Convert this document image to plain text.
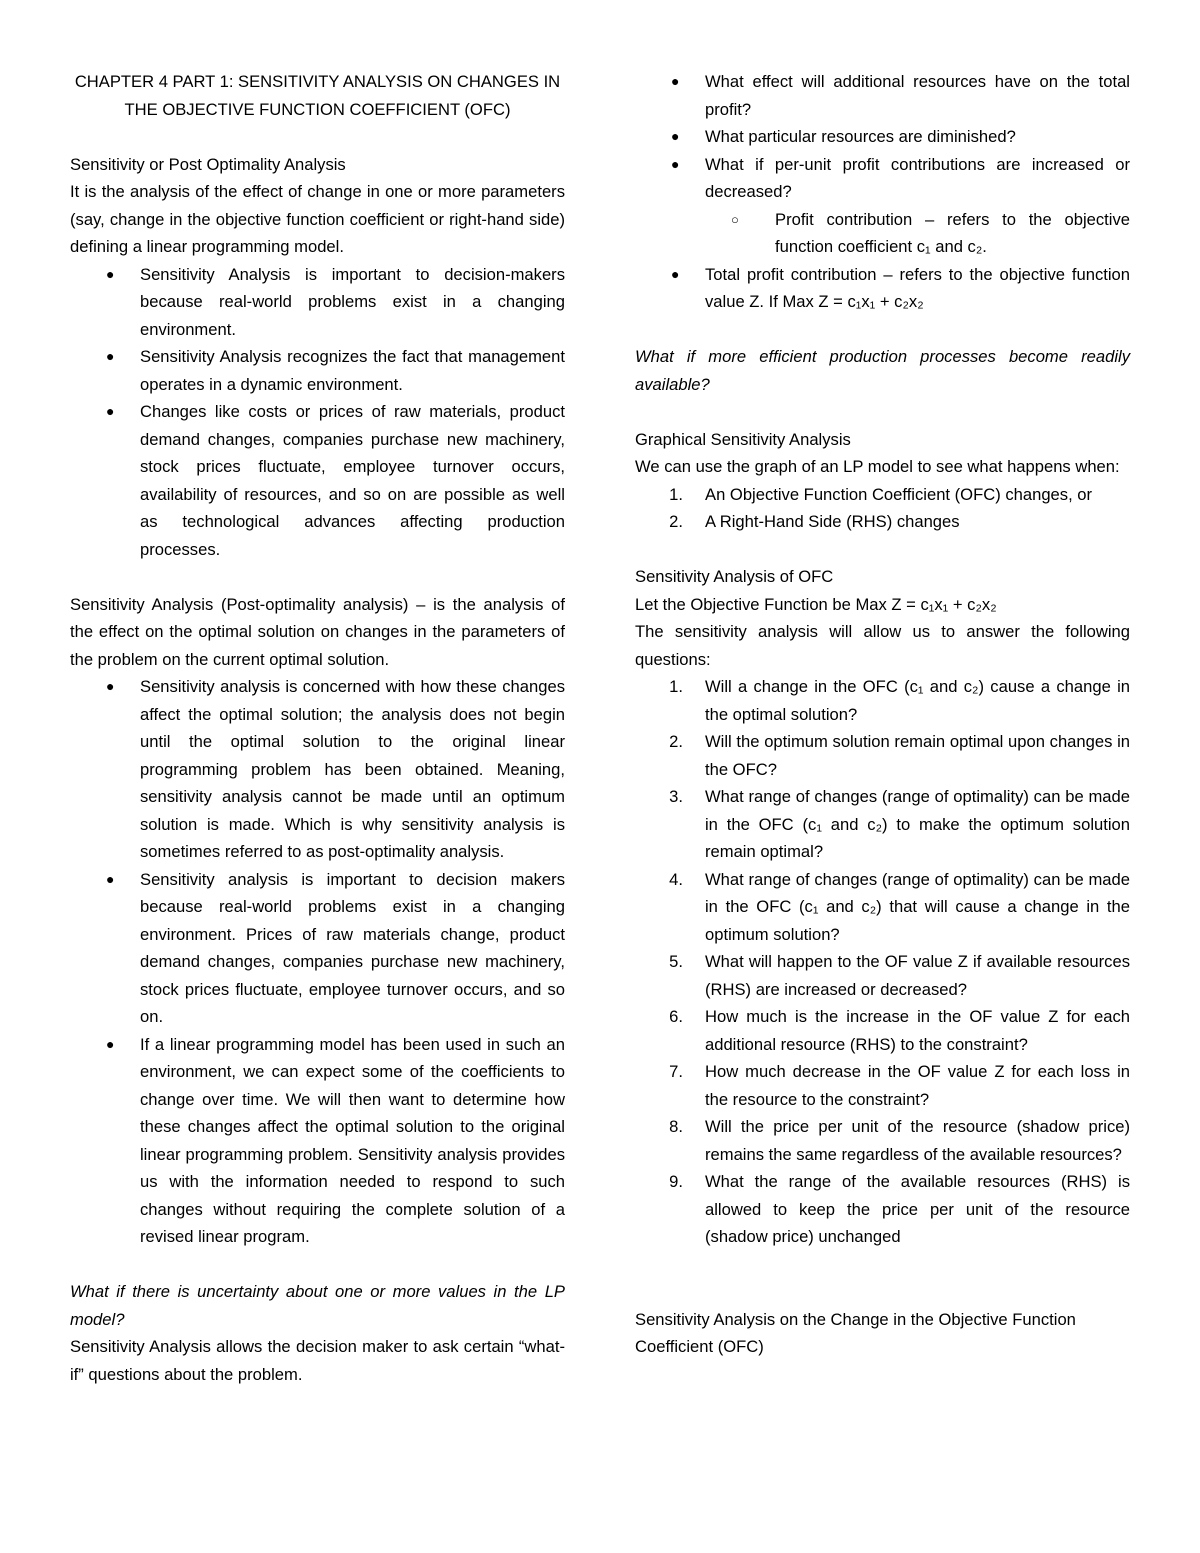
CHAPTER 4 PART 1: SENSITIVITY ANALYSIS ON CHANGES IN

THE OBJECTIVE FUNCTION COEFFICIENT (OFC)

Sensitivity or Post Optimality Analysis

It is the analysis of the effect of change in one or more parameters (say, change in the objective function coefficient or right-hand side) defining a linear programming model.

● Sensitivity Analysis is important to decision-makers because real-world problems exist in a changing environment.
● Sensitivity Analysis recognizes the fact that management operates in a dynamic environment.
● Changes like costs or prices of raw materials, product demand changes, companies purchase new machinery, stock prices fluctuate, employee turnover occurs, availability of resources, and so on are possible as well as technological advances affecting production processes.

Sensitivity Analysis (Post-optimality analysis) – is the analysis of the effect on the optimal solution on changes in the parameters of the problem on the current optimal solution.

● Sensitivity analysis is concerned with how these changes affect the optimal solution; the analysis does not begin until the optimal solution to the original linear programming problem has been obtained. Meaning, sensitivity analysis cannot be made until an optimum solution is made. Which is why sensitivity analysis is sometimes referred to as post-optimality analysis.
● Sensitivity analysis is important to decision makers because real-world problems exist in a changing environment. Prices of raw materials change, product demand changes, companies purchase new machinery, stock prices fluctuate, employee turnover occurs, and so on.
● If a linear programming model has been used in such an environment, we can expect some of the coefficients to change over time. We will then want to determine how these changes affect the optimal solution to the original linear programming problem. Sensitivity analysis provides us with the information needed to respond to such changes without requiring the complete solution of a revised linear program.

What if there is uncertainty about one or more values in the LP model?

Sensitivity Analysis allows the decision maker to ask certain “what-if” questions about the problem.

● What effect will additional resources have on the total profit?
● What particular resources are diminished?
● What if per-unit profit contributions are increased or decreased?
○ Profit contribution – refers to the objective function coefficient c₁ and c₂.
● Total profit contribution – refers to the objective function value Z. If Max Z = c₁x₁ + c₂x₂

What if more efficient production processes become readily available?

Graphical Sensitivity Analysis

We can use the graph of an LP model to see what happens when:

1. An Objective Function Coefficient (OFC) changes, or
2. A Right-Hand Side (RHS) changes

Sensitivity Analysis of OFC

Let the Objective Function be Max Z = c₁x₁ + c₂x₂

The sensitivity analysis will allow us to answer the following questions:

1. Will a change in the OFC (c₁ and c₂) cause a change in the optimal solution?
2. Will the optimum solution remain optimal upon changes in the OFC?
3. What range of changes (range of optimality) can be made in the OFC (c₁ and c₂) to make the optimum solution remain optimal?
4. What range of changes (range of optimality) can be made in the OFC (c₁ and c₂) that will cause a change in the optimum solution?
5. What will happen to the OF value Z if available resources (RHS) are increased or decreased?
6. How much is the increase in the OF value Z for each additional resource (RHS) to the constraint?
7. How much decrease in the OF value Z for each loss in the resource to the constraint?
8. Will the price per unit of the resource (shadow price) remains the same regardless of the available resources?
9. What the range of the available resources (RHS) is allowed to keep the price per unit of the resource (shadow price) unchanged

Sensitivity Analysis on the Change in the Objective Function Coefficient (OFC)
